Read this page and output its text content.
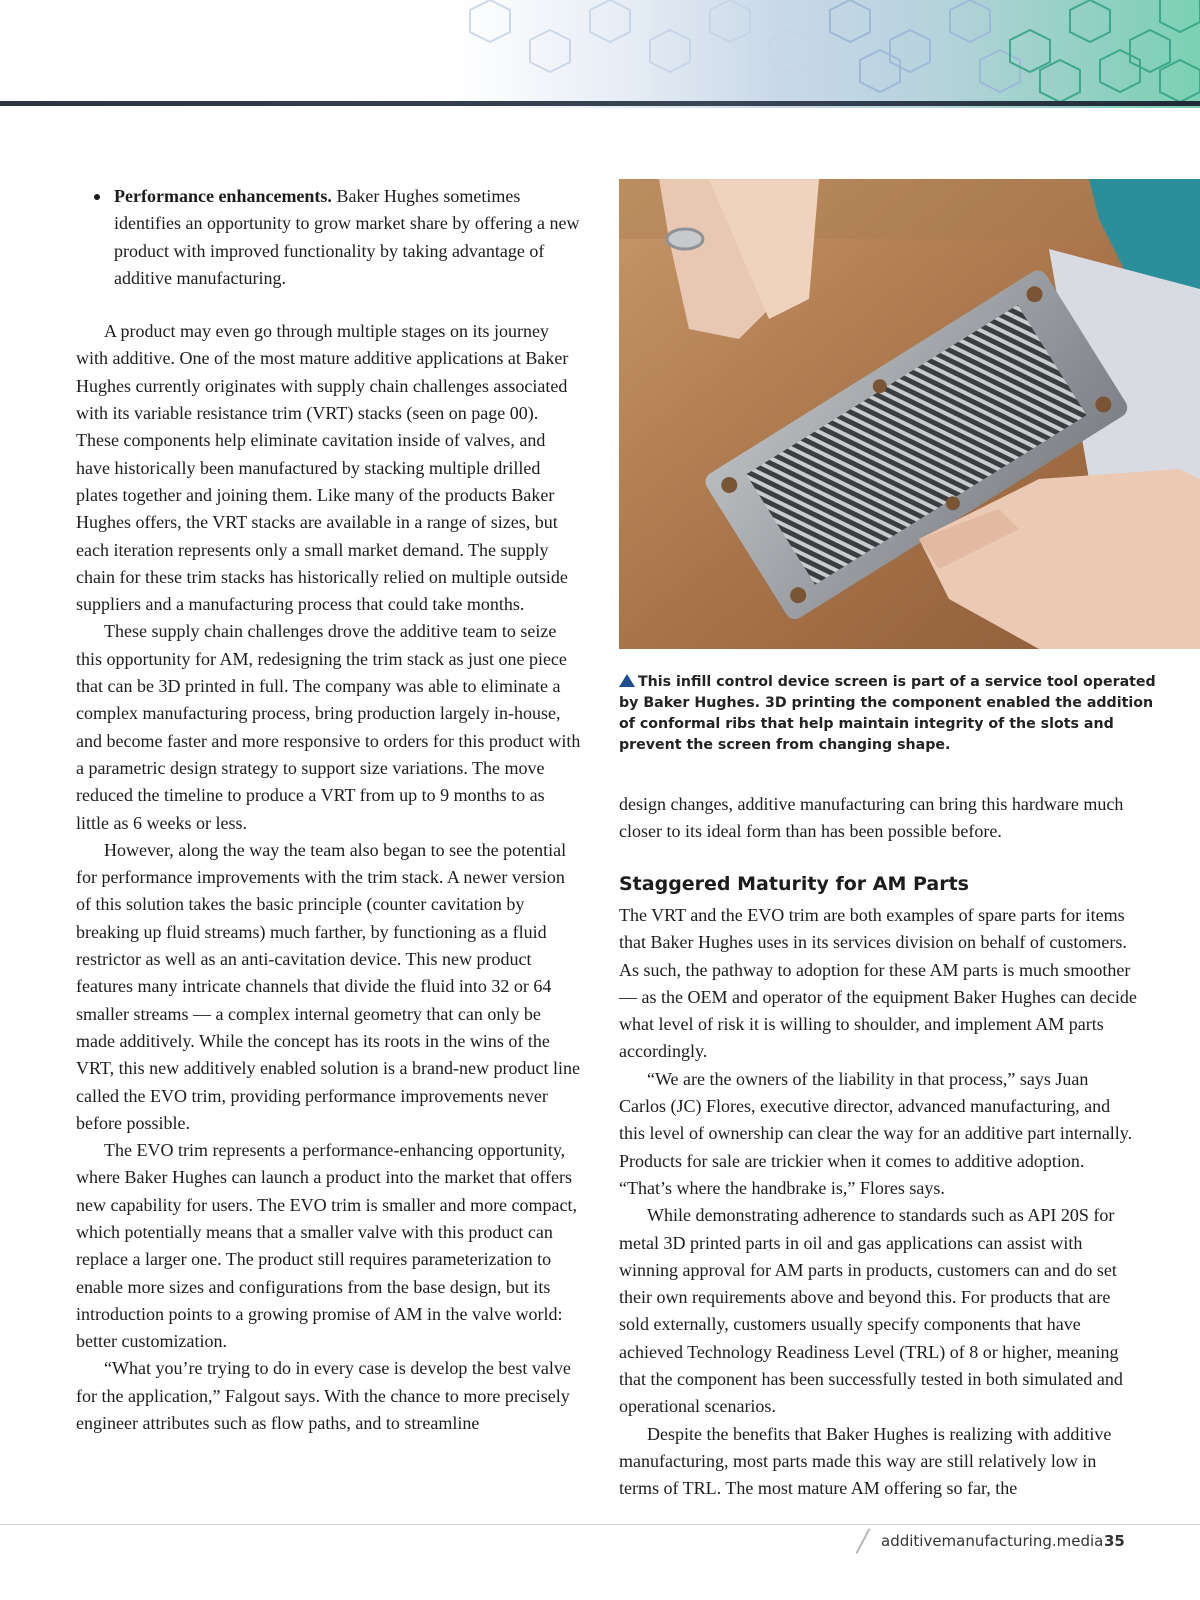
Performance enhancements. Baker Hughes sometimes identifies an opportunity to grow market share by offering a new product with improved functionality by taking advantage of additive manufacturing.

A product may even go through multiple stages on its journey with additive. One of the most mature additive applications at Baker Hughes currently originates with supply chain challenges associated with its variable resistance trim (VRT) stacks (seen on page 00). These components help eliminate cavitation inside of valves, and have historically been manufactured by stacking multiple drilled plates together and joining them. Like many of the products Baker Hughes offers, the VRT stacks are available in a range of sizes, but each iteration represents only a small market demand. The supply chain for these trim stacks has historically relied on multiple outside suppliers and a manufacturing process that could take months.

These supply chain challenges drove the additive team to seize this opportunity for AM, redesigning the trim stack as just one piece that can be 3D printed in full. The company was able to eliminate a complex manufacturing process, bring production largely in-house, and become faster and more responsive to orders for this product with a parametric design strategy to support size variations. The move reduced the timeline to produce a VRT from up to 9 months to as little as 6 weeks or less.

However, along the way the team also began to see the potential for performance improvements with the trim stack. A newer version of this solution takes the basic principle (counter cavitation by breaking up fluid streams) much farther, by functioning as a fluid restrictor as well as an anti-cavitation device. This new product features many intricate channels that divide the fluid into 32 or 64 smaller streams — a complex internal geometry that can only be made additively. While the concept has its roots in the wins of the VRT, this new additively enabled solution is a brand-new product line called the EVO trim, providing performance improvements never before possible.

The EVO trim represents a performance-enhancing opportunity, where Baker Hughes can launch a product into the market that offers new capability for users. The EVO trim is smaller and more compact, which potentially means that a smaller valve with this product can replace a larger one. The product still requires parameterization to enable more sizes and configurations from the base design, but its introduction points to a growing promise of AM in the valve world: better customization.

“What you’re trying to do in every case is develop the best valve for the application,” Falgout says. With the chance to more precisely engineer attributes such as flow paths, and to streamline

This infill control device screen is part of a service tool operated by Baker Hughes. 3D printing the component enabled the addition of conformal ribs that help maintain integrity of the slots and prevent the screen from changing shape.

design changes, additive manufacturing can bring this hardware much closer to its ideal form than has been possible before.

Staggered Maturity for AM Parts

The VRT and the EVO trim are both examples of spare parts for items that Baker Hughes uses in its services division on behalf of customers. As such, the pathway to adoption for these AM parts is much smoother — as the OEM and operator of the equipment Baker Hughes can decide what level of risk it is willing to shoulder, and implement AM parts accordingly.

“We are the owners of the liability in that process,” says Juan Carlos (JC) Flores, executive director, advanced manufacturing, and this level of ownership can clear the way for an additive part internally. Products for sale are trickier when it comes to additive adoption. “That’s where the handbrake is,” Flores says.

While demonstrating adherence to standards such as API 20S for metal 3D printed parts in oil and gas applications can assist with winning approval for AM parts in products, customers can and do set their own requirements above and beyond this. For products that are sold externally, customers usually specify components that have achieved Technology Readiness Level (TRL) of 8 or higher, meaning that the component has been successfully tested in both simulated and operational scenarios.

Despite the benefits that Baker Hughes is realizing with additive manufacturing, most parts made this way are still relatively low in terms of TRL. The most mature AM offering so far, the

additivemanufacturing.media 35
